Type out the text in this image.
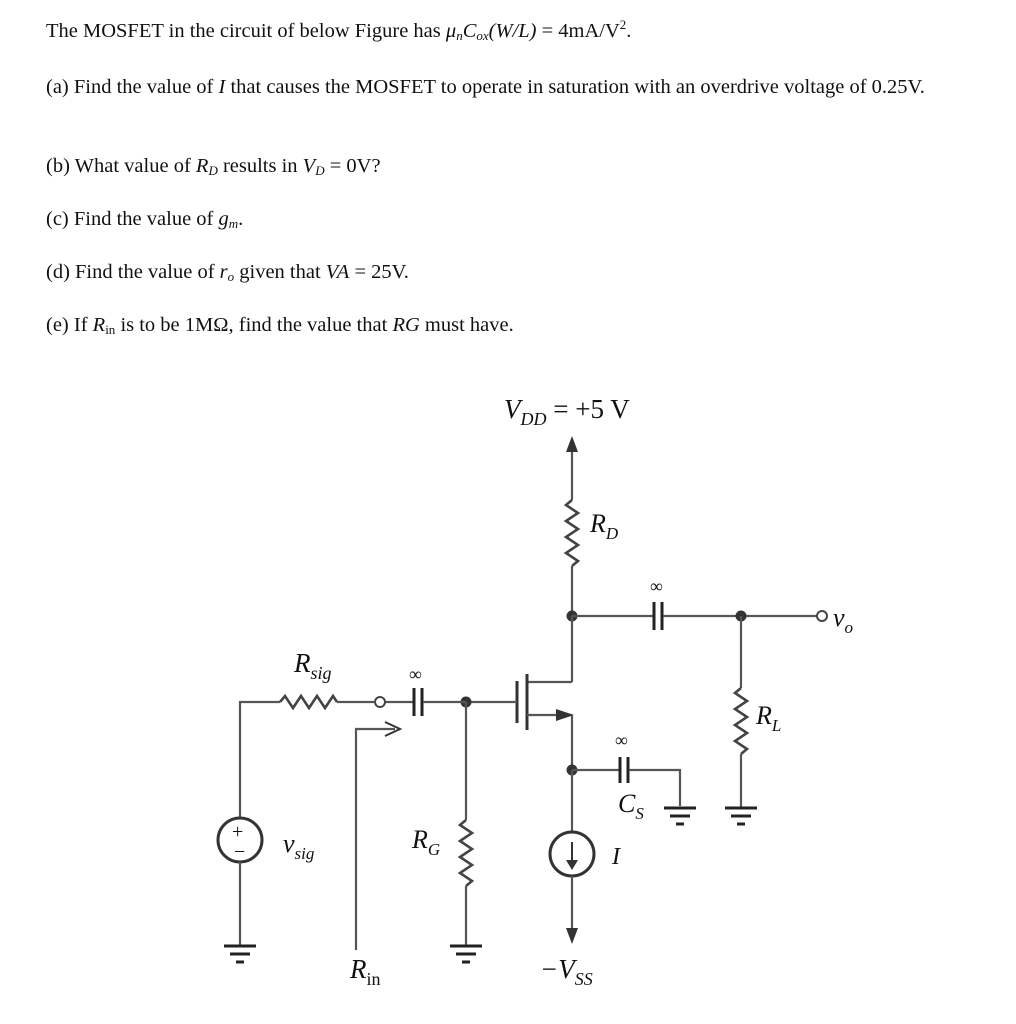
The MOSFET in the circuit of below Figure has $\mu_nC_{ox}(W/L) = 4mA/V^2$.
(a) Find the value of I that causes the MOSFET to operate in saturation with an overdrive voltage of 0.25V.
(b) What value of $R_D$ results in $V_D = 0V$?
(c) Find the value of $g_m$.
(d) Find the value of $r_o$ given that VA = 25V.
(e) If $R_{in}$ is to be 1MΩ, find the value that RG must have.
$V_{DD} = +5$ V
$R_D$
∞
$v_o$
$R_L$
∞
$C_S$
I
$-V_{SS}$
$R_G$
∞
$R_{sig}$
+
− $v_{sig}$
$R_{in}$
